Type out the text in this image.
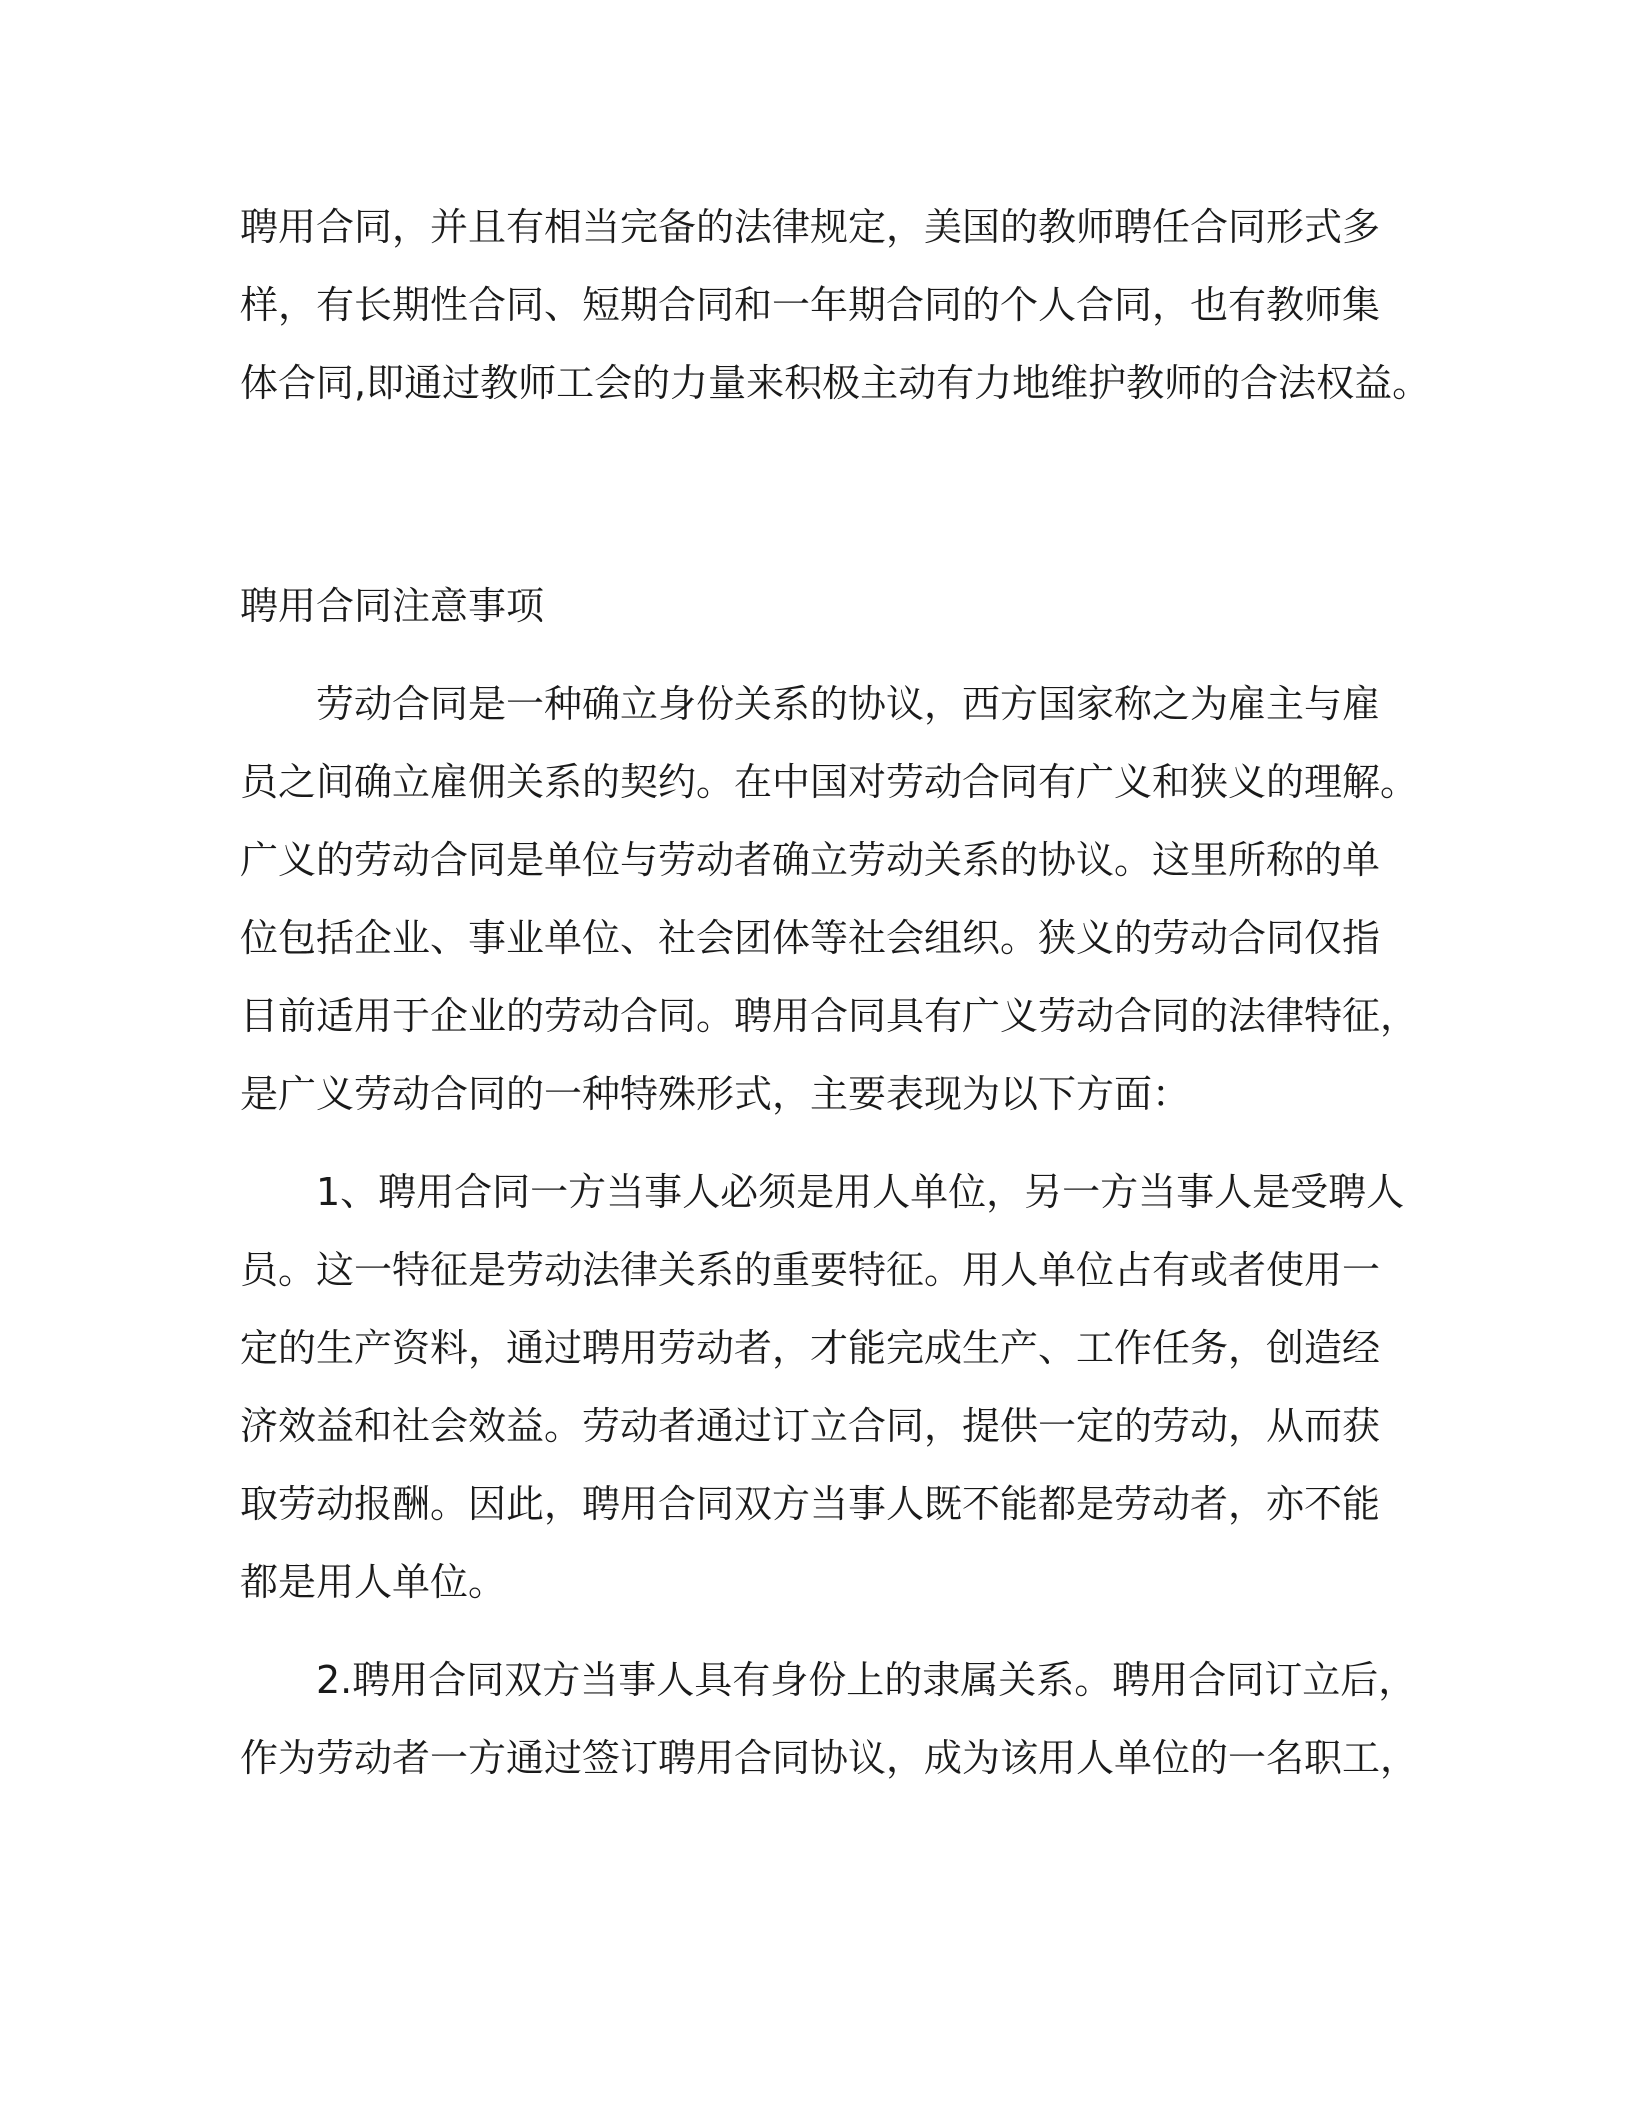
聘用合同，并且有相当完备的法律规定，美国的教师聘任合同形式多
样，有长期性合同、短期合同和一年期合同的个人合同，也有教师集
体合同,即通过教师工会的力量来积极主动有力地维护教师的合法权益。
聘用合同注意事项
劳动合同是一种确立身份关系的协议，西方国家称之为雇主与雇
员之间确立雇佣关系的契约。在中国对劳动合同有广义和狭义的理解。
广义的劳动合同是单位与劳动者确立劳动关系的协议。这里所称的单
位包括企业、事业单位、社会团体等社会组织。狭义的劳动合同仅指
目前适用于企业的劳动合同。聘用合同具有广义劳动合同的法律特征，
是广义劳动合同的一种特殊形式，主要表现为以下方面：
1、聘用合同一方当事人必须是用人单位，另一方当事人是受聘人
员。这一特征是劳动法律关系的重要特征。用人单位占有或者使用一
定的生产资料，通过聘用劳动者，才能完成生产、工作任务，创造经
济效益和社会效益。劳动者通过订立合同，提供一定的劳动，从而获
取劳动报酬。因此，聘用合同双方当事人既不能都是劳动者，亦不能
都是用人单位。
2.聘用合同双方当事人具有身份上的隶属关系。聘用合同订立后，
作为劳动者一方通过签订聘用合同协议，成为该用人单位的一名职工，
